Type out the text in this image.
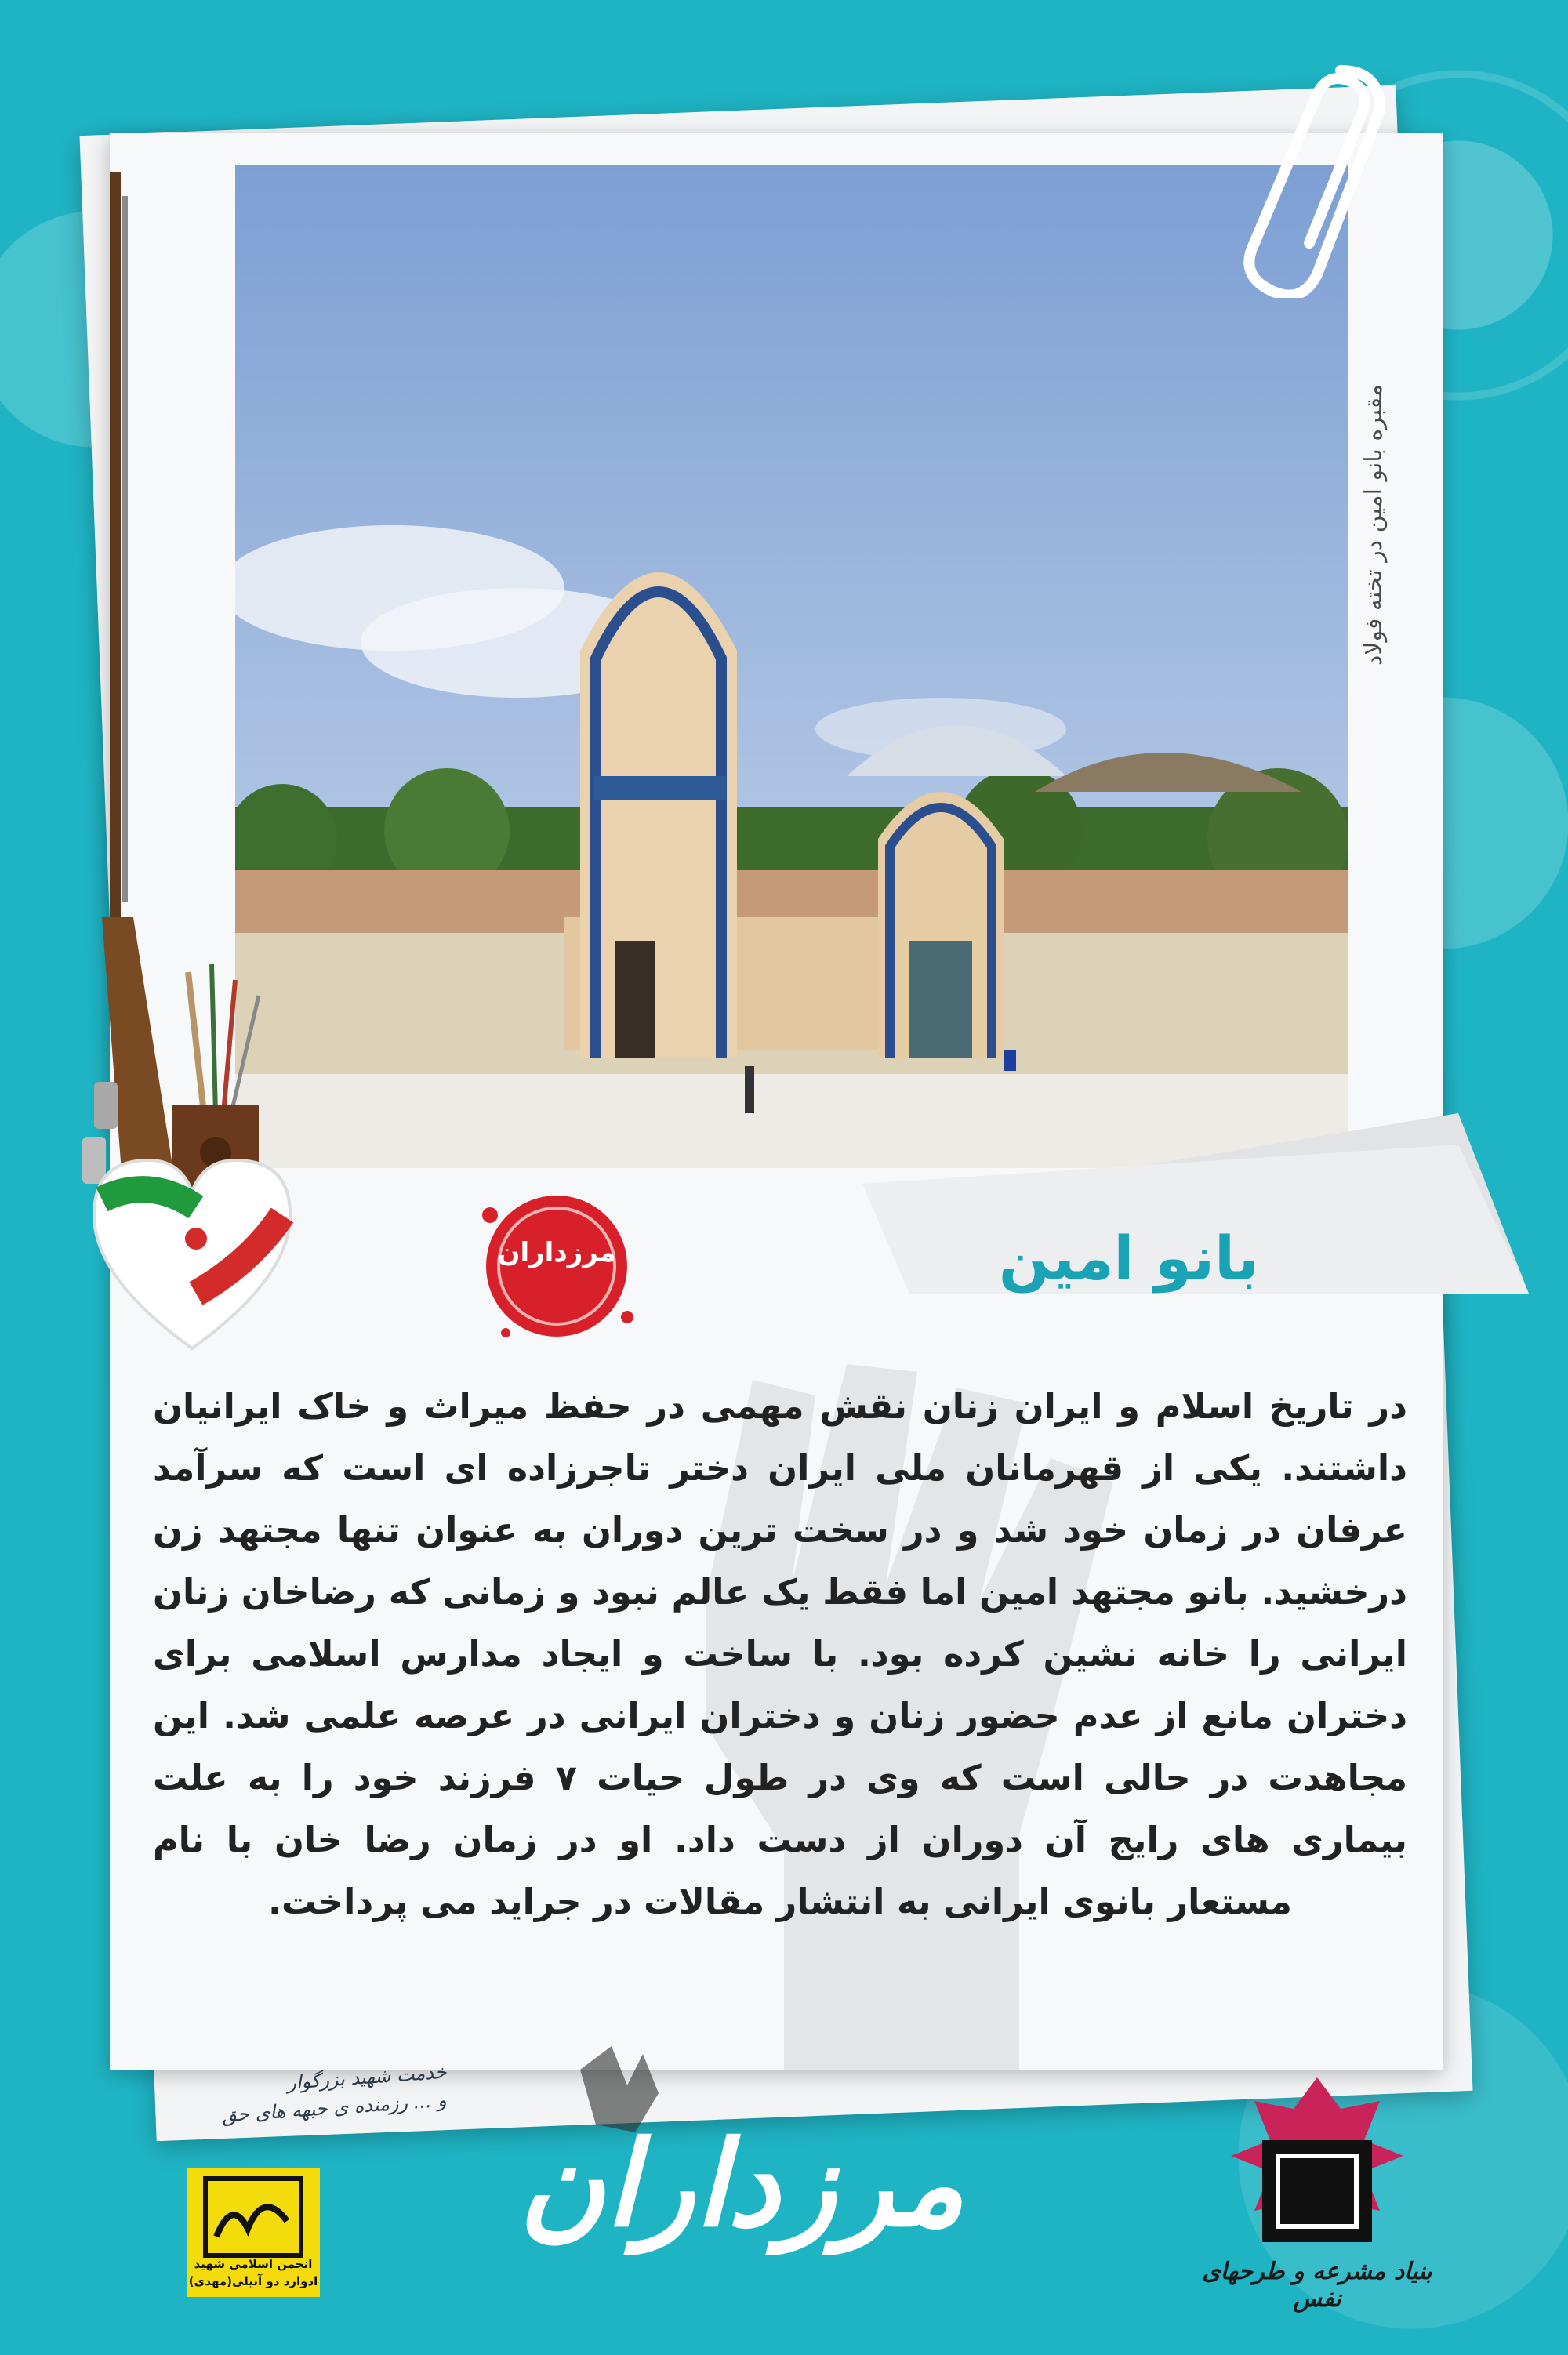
مقبره بانو امین در تخته فولاد
بانو امین
مرزداران
در تاریخ اسلام و ایران زنان نقش مهمی در حفظ میراث و خاک ایرانیان داشتند. یکی از قهرمانان ملی ایران دختر تاجرزاده ای است که سرآمد عرفان در زمان خود شد و در سخت ترین دوران به عنوان تنها مجتهد زن درخشید. بانو مجتهد امین اما فقط یک عالم نبود و زمانی که رضاخان زنان ایرانی را خانه نشین کرده بود. با ساخت و ایجاد مدارس اسلامی برای دختران مانع از عدم حضور زنان و دختران ایرانی در عرصه علمی شد. این مجاهدت در حالی است که وی در طول حیات ۷ فرزند خود را به علت بیماری های رایج آن دوران از دست داد. او در زمان رضا خان با نام مستعار بانوی ایرانی به انتشار مقالات در جراید می پرداخت.
خدمت شهید بزرگوار
و ... رزمنده ی جبهه های حق
انجمن اسلامی شهید
ادوارد دو آنیلی(مهدی)
مرزداران
بنیاد مشرعه و طرحهای نفس
